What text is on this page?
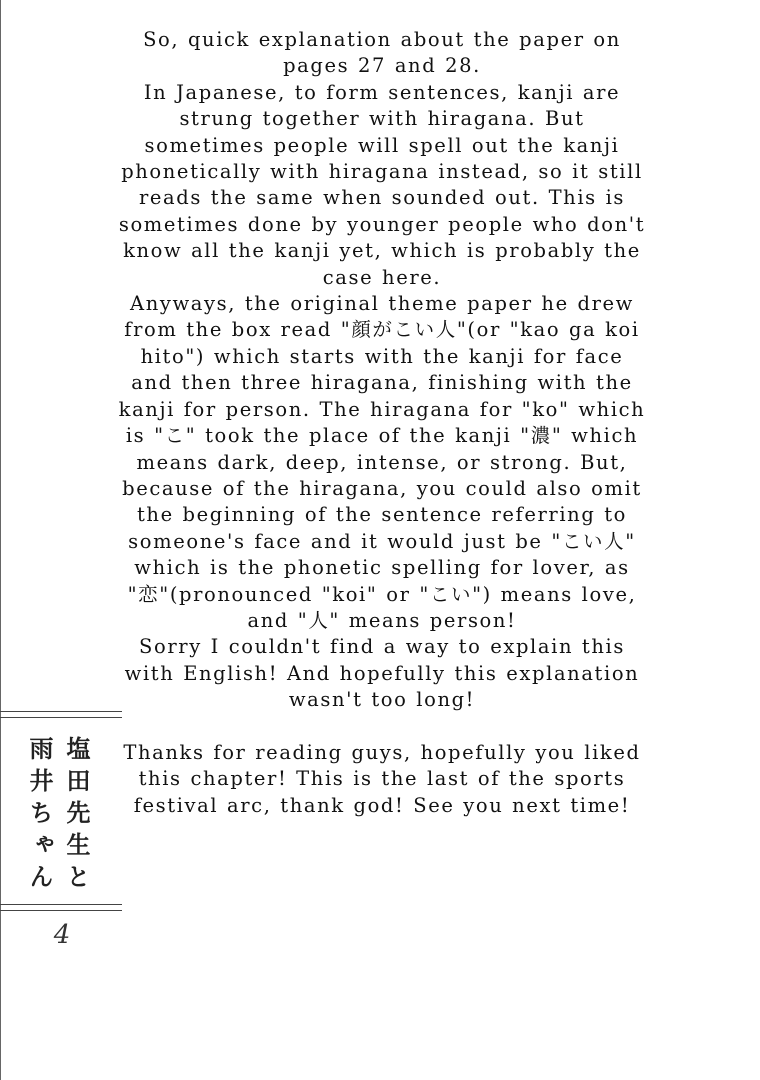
So, quick explanation about the paper on pages 27 and 28.

In Japanese, to form sentences, kanji are strung together with hiragana. But sometimes people will spell out the kanji phonetically with hiragana instead, so it still reads the same when sounded out. This is sometimes done by younger people who don't know all the kanji yet, which is probably the case here.

Anyways, the original theme paper he drew from the box read "顔がこい人"(or "kao ga koi hito") which starts with the kanji for face and then three hiragana, finishing with the kanji for person. The hiragana for "ko" which is "こ" took the place of the kanji "濃" which means dark, deep, intense, or strong. But, because of the hiragana, you could also omit the beginning of the sentence referring to someone's face and it would just be "こい人" which is the phonetic spelling for lover, as "恋"(pronounced "koi" or "こい") means love, and "人" means person!

Sorry I couldn't find a way to explain this with English! And hopefully this explanation wasn't too long!

Thanks for reading guys, hopefully you liked this chapter! This is the last of the sports festival arc, thank god! See you next time!

塩田先生と
雨井ちゃん
4
